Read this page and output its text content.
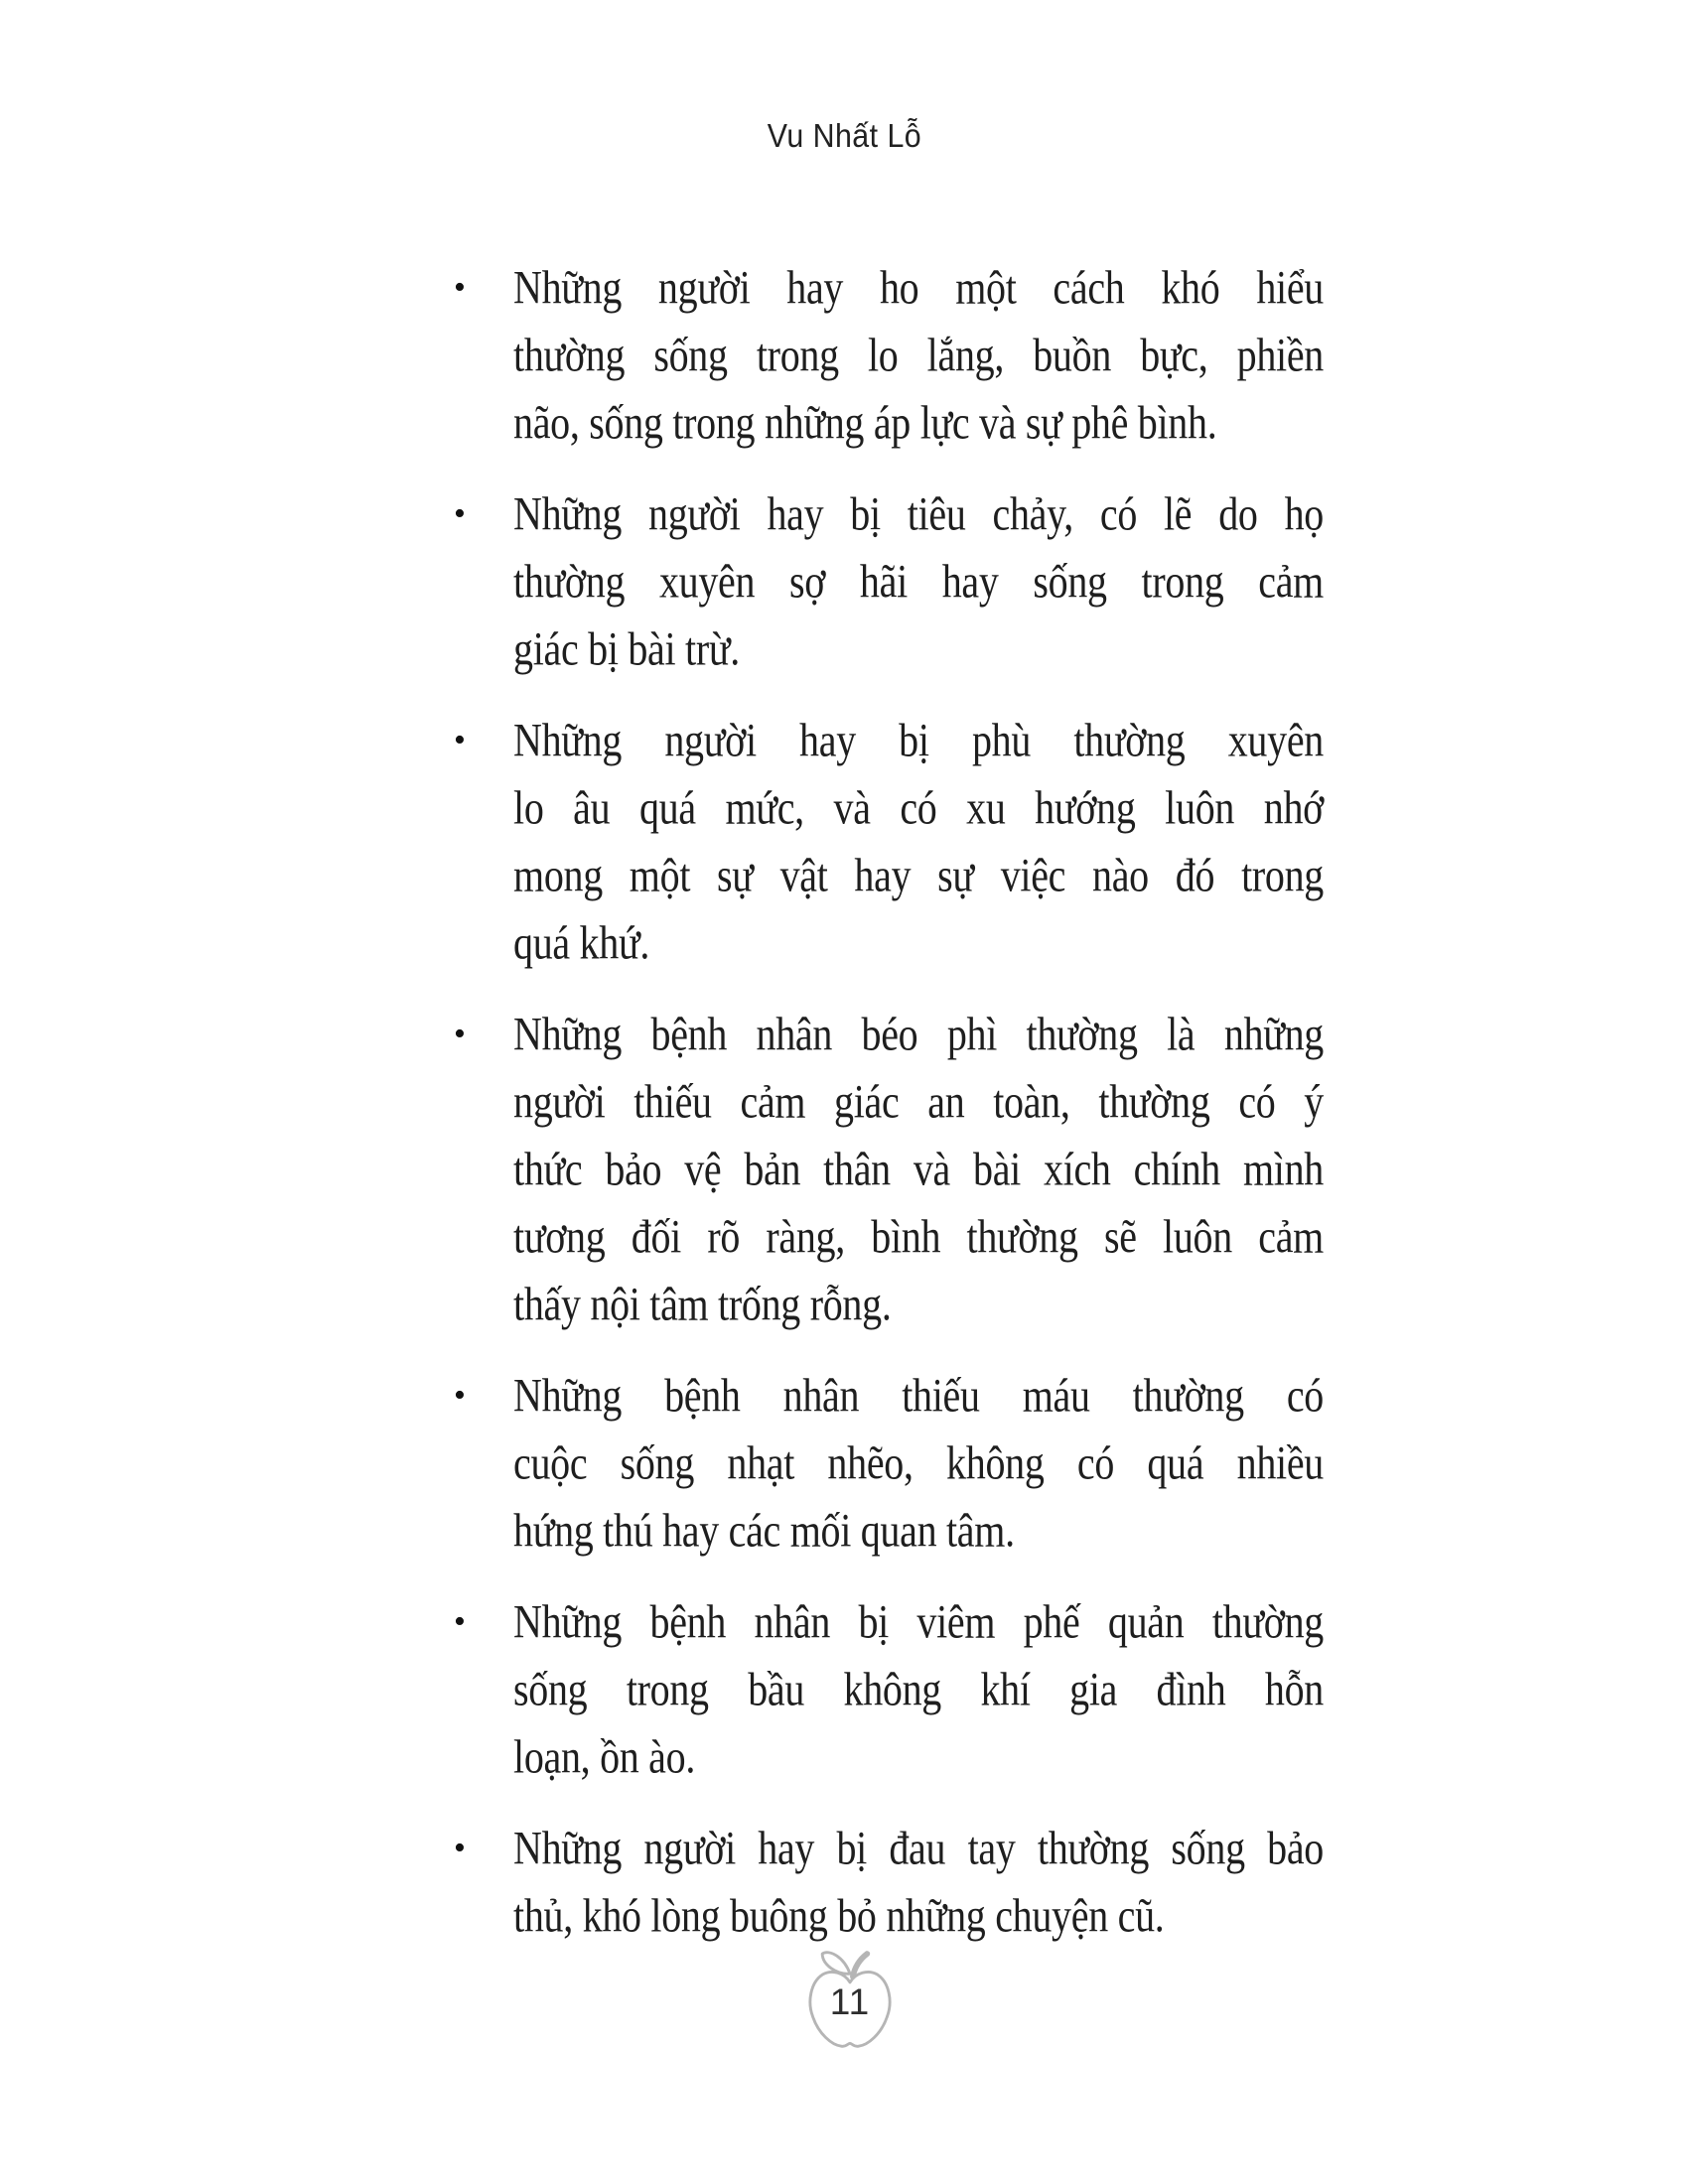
Vu Nhất Lỗ
•	Những người hay ho một cách khó hiểu
thường sống trong lo lắng, buồn bực, phiền
não, sống trong những áp lực và sự phê bình.
•	Những người hay bị tiêu chảy, có lẽ do họ
thường xuyên sợ hãi hay sống trong cảm
giác bị bài trừ.
•	Những người hay bị phù thường xuyên
lo âu quá mức, và có xu hướng luôn nhớ
mong một sự vật hay sự việc nào đó trong
quá khứ.
•	Những bệnh nhân béo phì thường là những
người thiếu cảm giác an toàn, thường có ý
thức bảo vệ bản thân và bài xích chính mình
tương đối rõ ràng, bình thường sẽ luôn cảm
thấy nội tâm trống rỗng.
•	Những bệnh nhân thiếu máu thường có
cuộc sống nhạt nhẽo, không có quá nhiều
hứng thú hay các mối quan tâm.
•	Những bệnh nhân bị viêm phế quản thường
sống trong bầu không khí gia đình hỗn
loạn, ồn ào.
•	Những người hay bị đau tay thường sống bảo
thủ, khó lòng buông bỏ những chuyện cũ.
11
